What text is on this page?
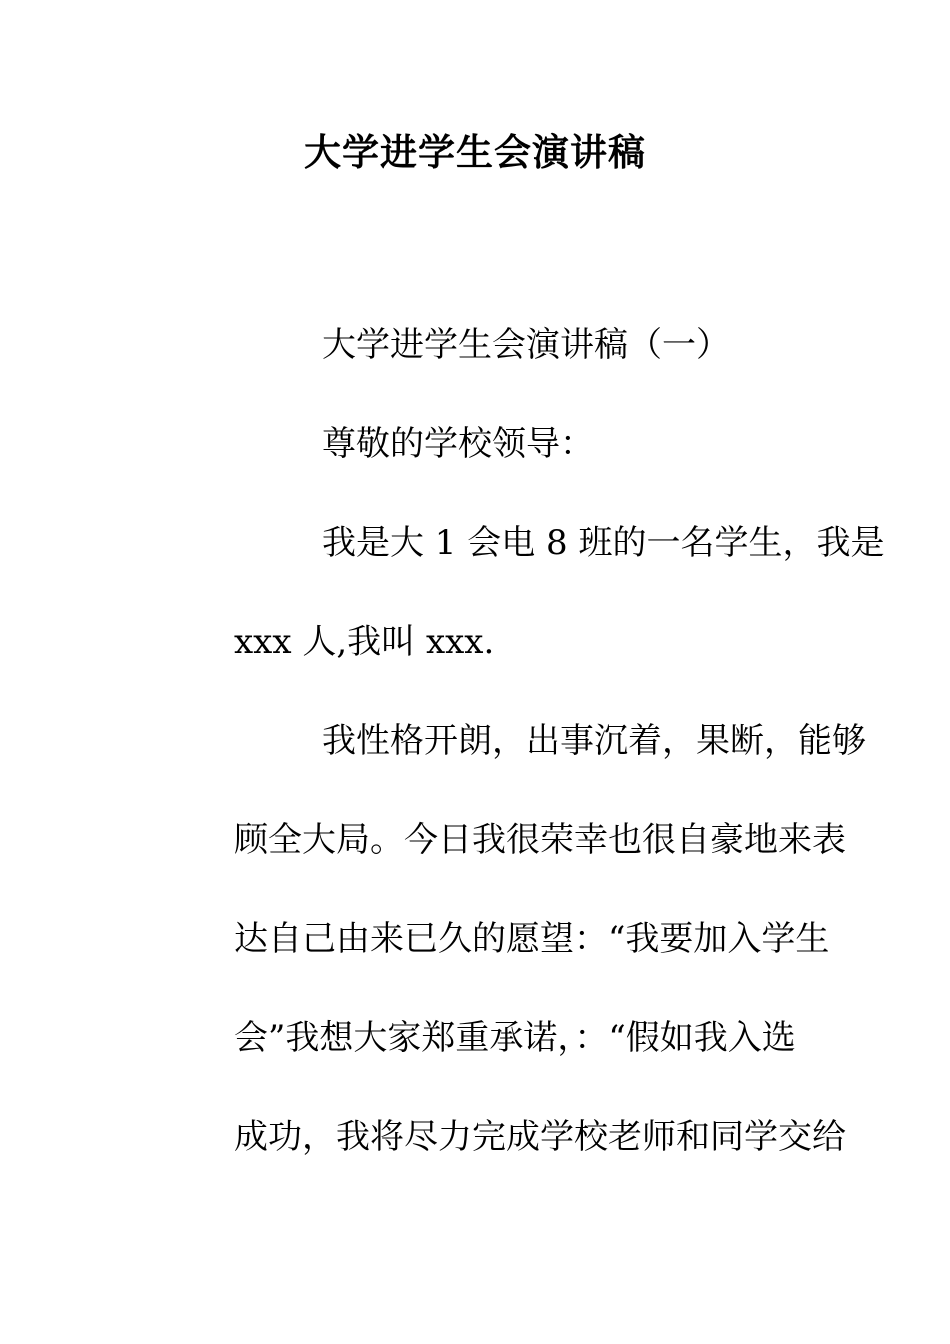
大学进学生会演讲稿
大学进学生会演讲稿（一）
尊敬的学校领导：
我是大 1 会电 8 班的一名学生，我是
xxx 人,我叫 xxx.
我性格开朗，出事沉着，果断，能够
顾全大局。今日我很荣幸也很自豪地来表
达自己由来已久的愿望：“我要加入学生
会”我想大家郑重承诺，：“假如我入选
成功，我将尽力完成学校老师和同学交给
